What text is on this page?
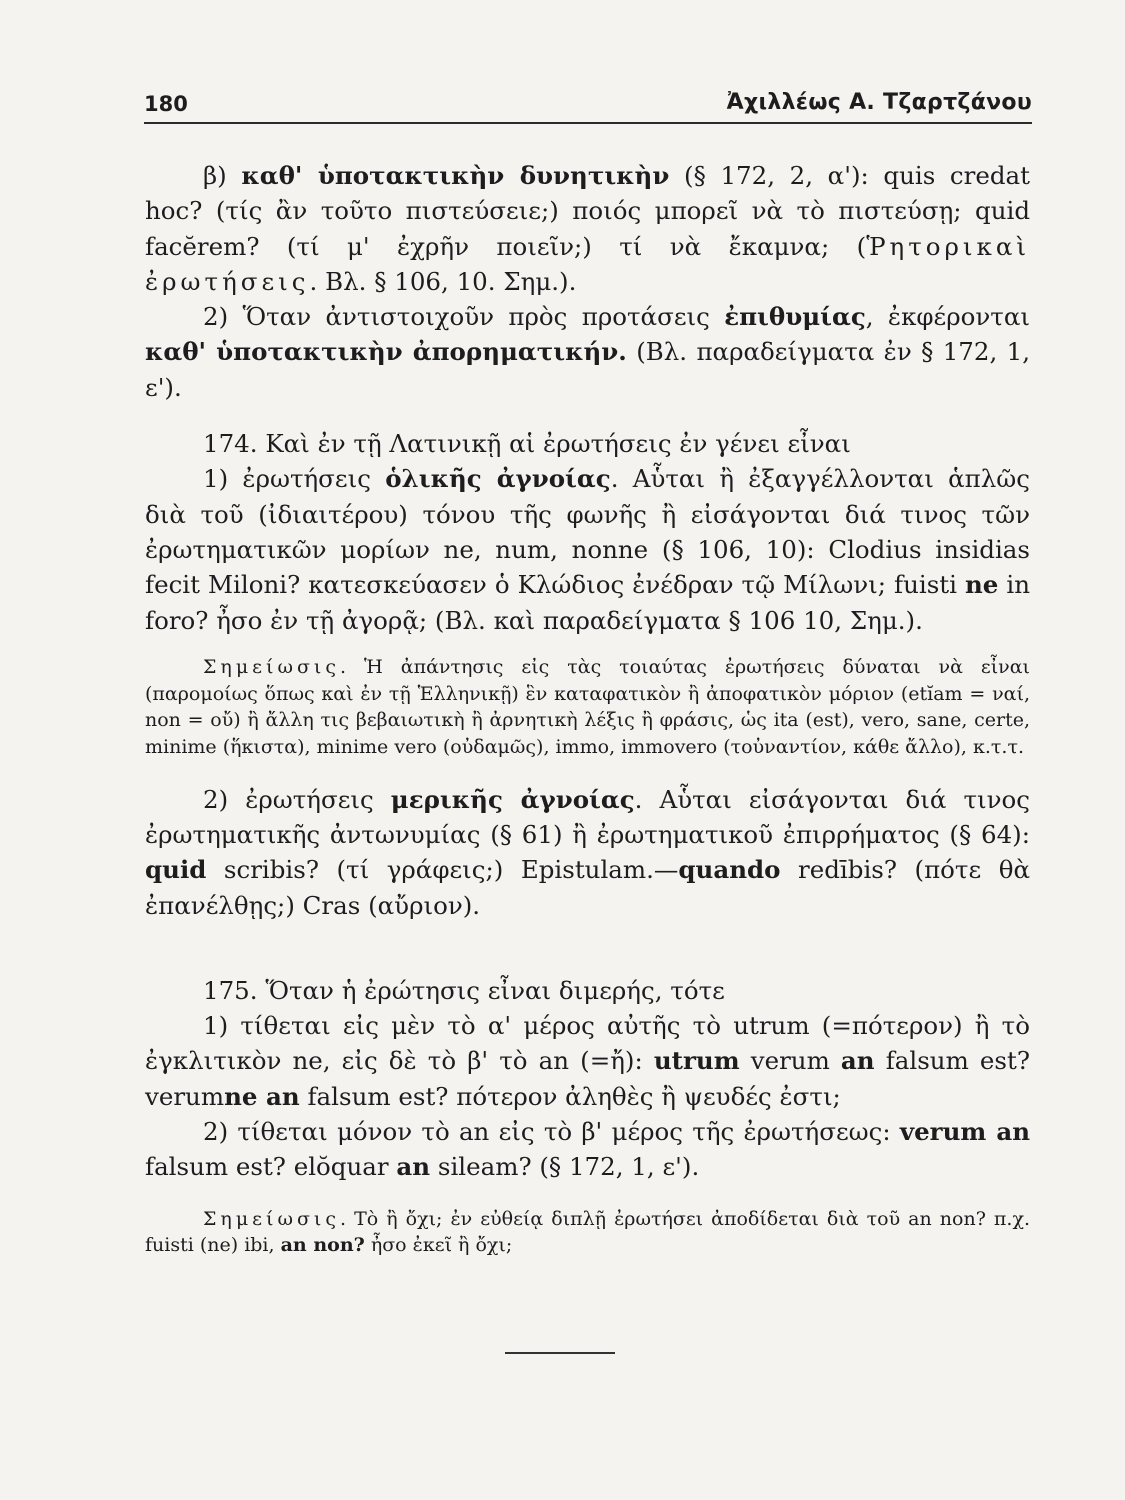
180	Ἀχιλλέως Α. Τζαρτζάνου

β) καθ' ὑποτακτικὴν δυνητικὴν (§ 172, 2, α'): quis credat hoc? (τίς ἂν τοῦτο πιστεύσειε;) ποιός μπορεῖ νὰ τὸ πιστεύσῃ; quid facĕrem? (τί μ' ἐχρῆν ποιεῖν;) τί νὰ ἔκαμνα; (Ῥητορικαὶ ἐρωτήσεις. Βλ. § 106, 10. Σημ.).

2) Ὅταν ἀντιστοιχοῦν πρὸς προτάσεις ἐπιθυμίας, ἐκφέρονται καθ' ὑποτακτικὴν ἀπορηματικήν. (Βλ. παραδείγματα ἐν § 172, 1, ε').

174. Καὶ ἐν τῇ Λατινικῇ αἱ ἐρωτήσεις ἐν γένει εἶναι

1) ἐρωτήσεις ὁλικῆς ἀγνοίας. Αὗται ἢ ἐξαγγέλλονται ἁπλῶς διὰ τοῦ (ἰδιαιτέρου) τόνου τῆς φωνῆς ἢ εἰσάγονται διά τινος τῶν ἐρωτηματικῶν μορίων ne, num, nonne (§ 106, 10): Clodius insidias fecit Miloni? κατεσκεύασεν ὁ Κλώδιος ἐνέδραν τῷ Μίλωνι; fuisti ne in foro? ἦσο ἐν τῇ ἀγορᾷ; (Βλ. καὶ παραδείγματα § 106 10, Σημ.).

Σημείωσις. Ἡ ἀπάντησις εἰς τὰς τοιαύτας ἐρωτήσεις δύναται νὰ εἶναι (παρομοίως ὅπως καὶ ἐν τῇ Ἑλληνικῇ) ἓν καταφατικὸν ἢ ἀποφατικὸν μόριον (etĭam = ναί, non = οὔ) ἢ ἄλλη τις βεβαιωτικὴ ἢ ἀρνητικὴ λέξις ἢ φράσις, ὡς ita (est), vero, sane, certe, minime (ἥκιστα), minime vero (οὐδαμῶς), immo, immovero (τοὐναντίον, κάθε ἄλλο), κ.τ.τ.

2) ἐρωτήσεις μερικῆς ἀγνοίας. Αὗται εἰσάγονται διά τινος ἐρωτηματικῆς ἀντωνυμίας (§ 61) ἢ ἐρωτηματικοῦ ἐπιρρήματος (§ 64): quid scribis? (τί γράφεις;) Epistulam.—quando redībis? (πότε θὰ ἐπανέλθῃς;) Cras (αὔριον).

175. Ὅταν ἡ ἐρώτησις εἶναι διμερής, τότε

1) τίθεται εἰς μὲν τὸ α' μέρος αὐτῆς τὸ utrum (=πότερον) ἢ τὸ ἐγκλιτικὸν ne, εἰς δὲ τὸ β' τὸ an (=ἤ): utrum verum an falsum est? verumne an falsum est? πότερον ἀληθὲς ἢ ψευδές ἐστι;

2) τίθεται μόνον τὸ an εἰς τὸ β' μέρος τῆς ἐρωτήσεως: verum an falsum est? elŏquar an sileam? (§ 172, 1, ε').

Σημείωσις. Τὸ ἢ ὄχι; ἐν εὐθείᾳ διπλῇ ἐρωτήσει ἀποδίδεται διὰ τοῦ an non? π.χ. fuisti (ne) ibi, an non? ἦσο ἐκεῖ ἢ ὄχι;
